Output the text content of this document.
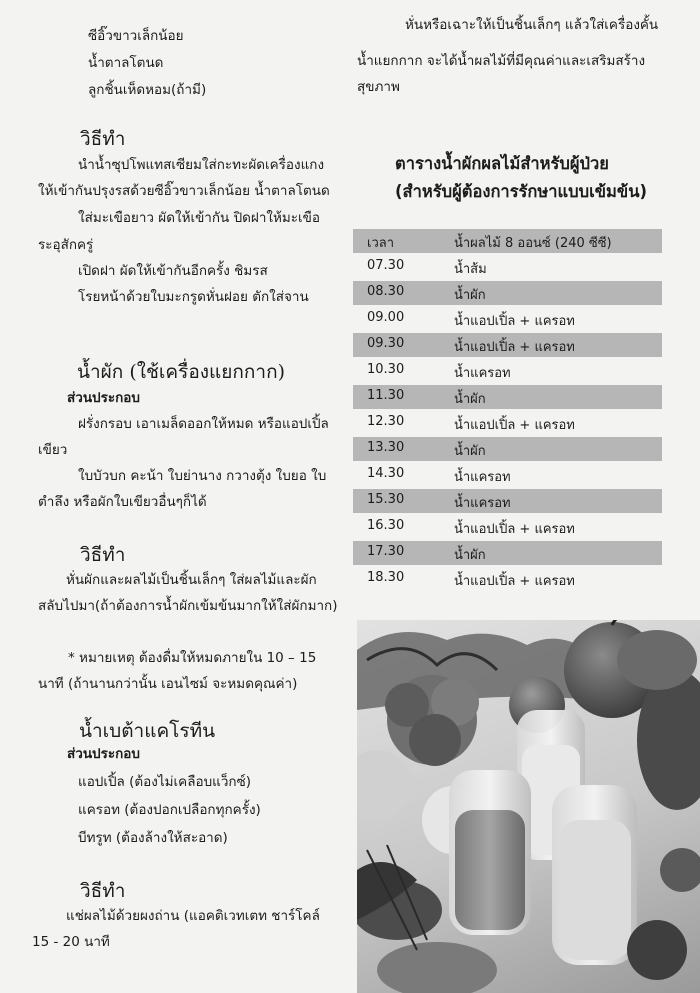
ซีอิ๊วขาวเล็กน้อย
น้ำตาลโตนด
ลูกชิ้นเห็ดหอม(ถ้ามี)
วิธีทำ
นำน้ำซุปโพแทสเซียมใส่กะทะผัดเครื่องแกง
ให้เข้ากันปรุงรสด้วยซีอิ๊วขาวเล็กน้อย น้ำตาลโตนด
ใส่มะเขือยาว ผัดให้เข้ากัน ปิดฝาให้มะเขือ
ระอุสักครู่
เปิดฝา ผัดให้เข้ากันอีกครั้ง ชิมรส
โรยหน้าด้วยใบมะกรูดหั่นฝอย ตักใส่จาน
น้ำผัก (ใช้เครื่องแยกกาก)
ส่วนประกอบ
ฝรั่งกรอบ เอาเมล็ดออกให้หมด หรือแอปเปิ้ล
เขียว
ใบบัวบก คะน้า ใบย่านาง กวางตุ้ง ใบยอ ใบ
ตำลึง หรือผักใบเขียวอื่นๆก็ได้
วิธีทำ
หั่นผักและผลไม้เป็นชิ้นเล็กๆ ใส่ผลไม้และผัก
สลับไปมา(ถ้าต้องการน้ำผักเข้มข้นมากให้ใส่ผักมาก)
* หมายเหตุ ต้องดื่มให้หมดภายใน 10 – 15
นาที (ถ้านานกว่านั้น เอนไซม์ จะหมดคุณค่า)
น้ำเบต้าแคโรทีน
ส่วนประกอบ
แอปเปิ้ล (ต้องไม่เคลือบแว็กซ์)
แครอท (ต้องปอกเปลือกทุกครั้ง)
บีทรูท (ต้องล้างให้สะอาด)
วิธีทำ
แช่ผลไม้ด้วยผงถ่าน (แอคติเวทเตท ชาร์โคล์
15 - 20 นาที
หั่นหรือเฉาะให้เป็นชิ้นเล็กๆ แล้วใส่เครื่องคั้น
น้ำแยกกาก จะได้น้ำผลไม้ที่มีคุณค่าและเสริมสร้าง
สุขภาพ
ตารางน้ำผักผลไม้สำหรับผู้ป่วย
(สำหรับผู้ต้องการรักษาแบบเข้มข้น)
เวลา	น้ำผลไม้ 8 ออนซ์ (240 ซีซี)
07.30	น้ำส้ม
08.30	น้ำผัก
09.00	น้ำแอปเปิ้ล + แครอท
09.30	น้ำแอปเปิ้ล + แครอท
10.30	น้ำแครอท
11.30	น้ำผัก
12.30	น้ำแอปเปิ้ล + แครอท
13.30	น้ำผัก
14.30	น้ำแครอท
15.30	น้ำแครอท
16.30	น้ำแอปเปิ้ล + แครอท
17.30	น้ำผัก
18.30	น้ำแอปเปิ้ล + แครอท
